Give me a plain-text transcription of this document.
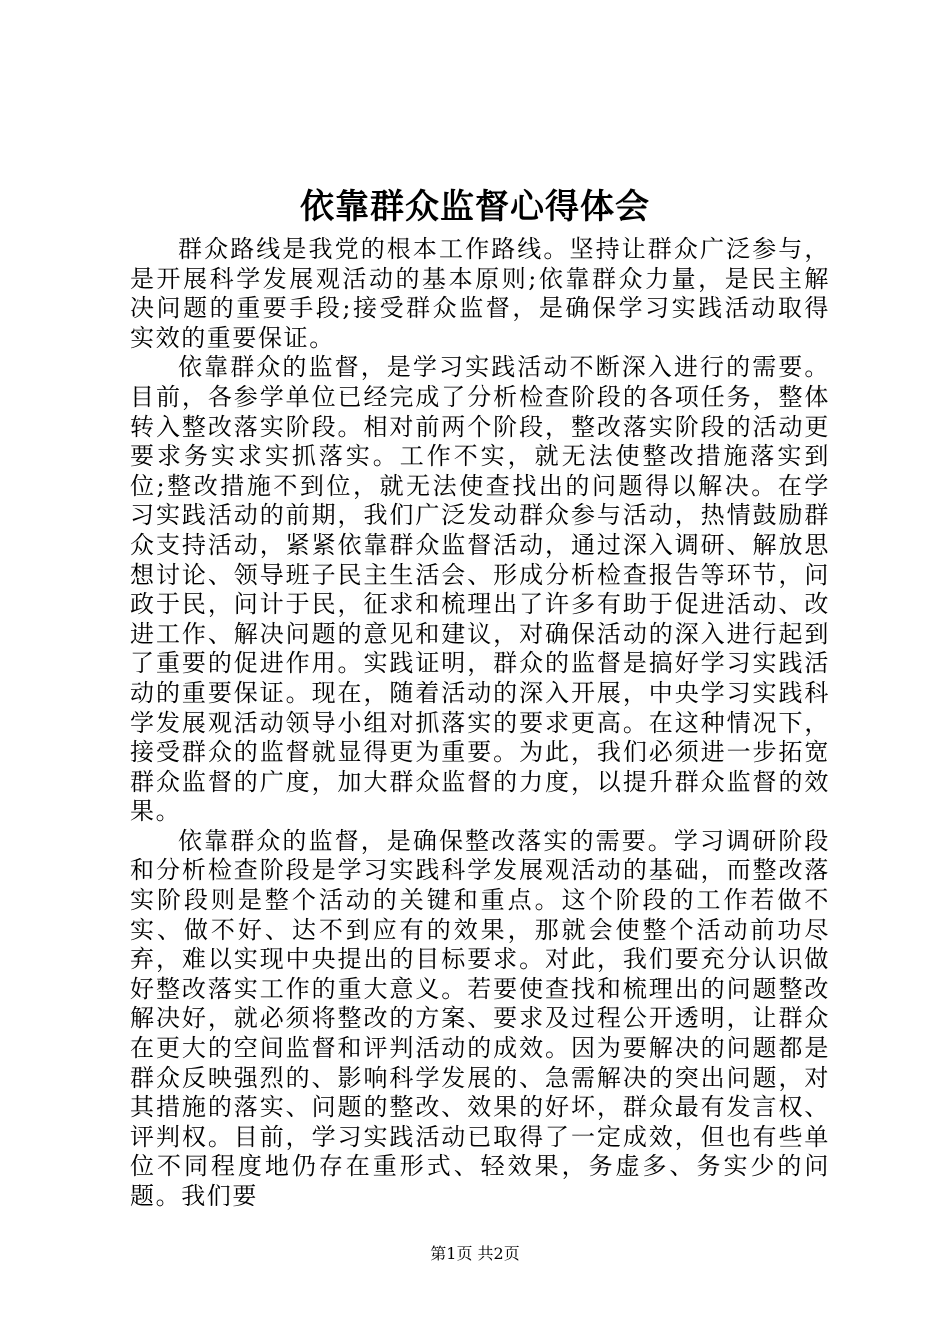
依靠群众监督心得体会

群众路线是我党的根本工作路线。坚持让群众广泛参与，是开展科学发展观活动的基本原则;依靠群众力量，是民主解决问题的重要手段;接受群众监督，是确保学习实践活动取得实效的重要保证。

依靠群众的监督，是学习实践活动不断深入进行的需要。目前，各参学单位已经完成了分析检查阶段的各项任务，整体转入整改落实阶段。相对前两个阶段，整改落实阶段的活动更要求务实求实抓落实。工作不实，就无法使整改措施落实到位;整改措施不到位，就无法使查找出的问题得以解决。在学习实践活动的前期，我们广泛发动群众参与活动，热情鼓励群众支持活动，紧紧依靠群众监督活动，通过深入调研、解放思想讨论、领导班子民主生活会、形成分析检查报告等环节，问政于民，问计于民，征求和梳理出了许多有助于促进活动、改进工作、解决问题的意见和建议，对确保活动的深入进行起到了重要的促进作用。实践证明，群众的监督是搞好学习实践活动的重要保证。现在，随着活动的深入开展，中央学习实践科学发展观活动领导小组对抓落实的要求更高。在这种情况下，接受群众的监督就显得更为重要。为此，我们必须进一步拓宽群众监督的广度，加大群众监督的力度，以提升群众监督的效果。

依靠群众的监督，是确保整改落实的需要。学习调研阶段和分析检查阶段是学习实践科学发展观活动的基础，而整改落实阶段则是整个活动的关键和重点。这个阶段的工作若做不实、做不好、达不到应有的效果，那就会使整个活动前功尽弃，难以实现中央提出的目标要求。对此，我们要充分认识做好整改落实工作的重大意义。若要使查找和梳理出的问题整改解决好，就必须将整改的方案、要求及过程公开透明，让群众在更大的空间监督和评判活动的成效。因为要解决的问题都是群众反映强烈的、影响科学发展的、急需解决的突出问题，对其措施的落实、问题的整改、效果的好坏，群众最有发言权、评判权。目前，学习实践活动已取得了一定成效，但也有些单位不同程度地仍存在重形式、轻效果，务虚多、务实少的问题。我们要

第1页 共2页
